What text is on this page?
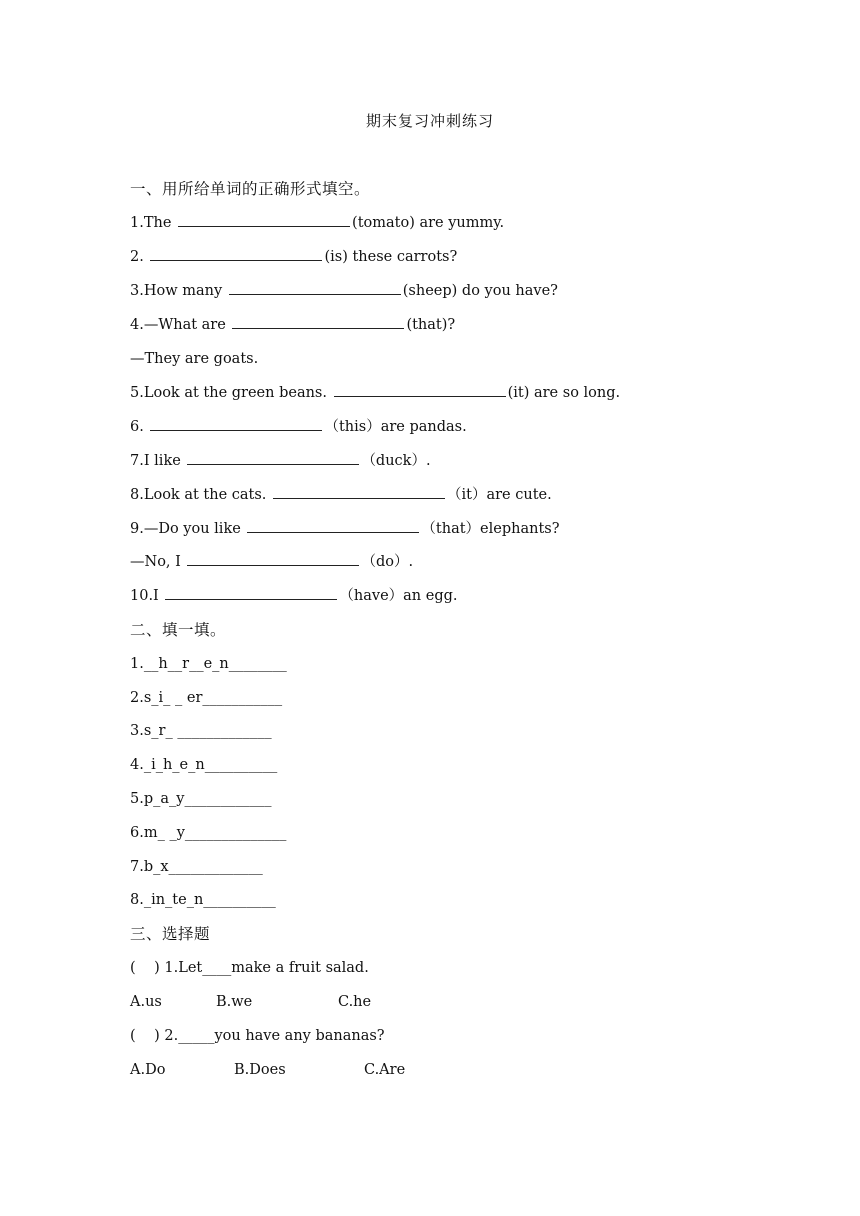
期末复习冲刺练习
一、用所给单词的正确形式填空。
1.The	(tomato) are yummy.
2.	(is) these carrots?
3.How many	(sheep) do you have?
4.—What are	(that)?
—They are goats.
5.Look at the green beans.	(it) are so long.
6.	（this）are pandas.
7.I like	（duck）.
8.Look at the cats.	（it）are cute.
9.—Do you like	（that）elephants?
—No, I	（do）.
10.I	（have）an egg.
二、填一填。
1.__h__r__e_n________
2.s_i_ _ er___________
3.s_r_ _____________
4._i_h_e_n__________
5.p_a_y____________
6.m_ _y______________
7.b_x_____________
8._in_te_n__________
三、选择题
(    ) 1.Let____make a fruit salad.
A.us	B.we	C.he
(    ) 2._____you have any bananas?
A.Do	B.Does	C.Are
